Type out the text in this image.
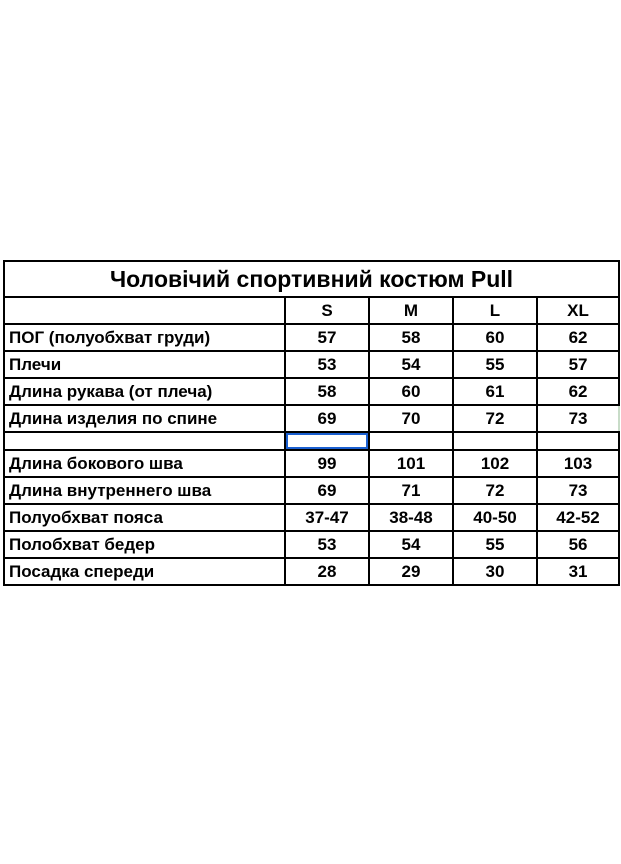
Чоловічий спортивний костюм Pull				
	S	M	L	XL
ПОГ (полуобхват груди)	57	58	60	62
Плечи	53	54	55	57
Длина рукава (от плеча)	58	60	61	62
Длина изделия по спине	69	70	72	73

Длина бокового шва	99	101	102	103
Длина внутреннего шва	69	71	72	73
Полуобхват пояса	37-47	38-48	40-50	42-52
Полобхват бедер	53	54	55	56
Посадка спереди	28	29	30	31
